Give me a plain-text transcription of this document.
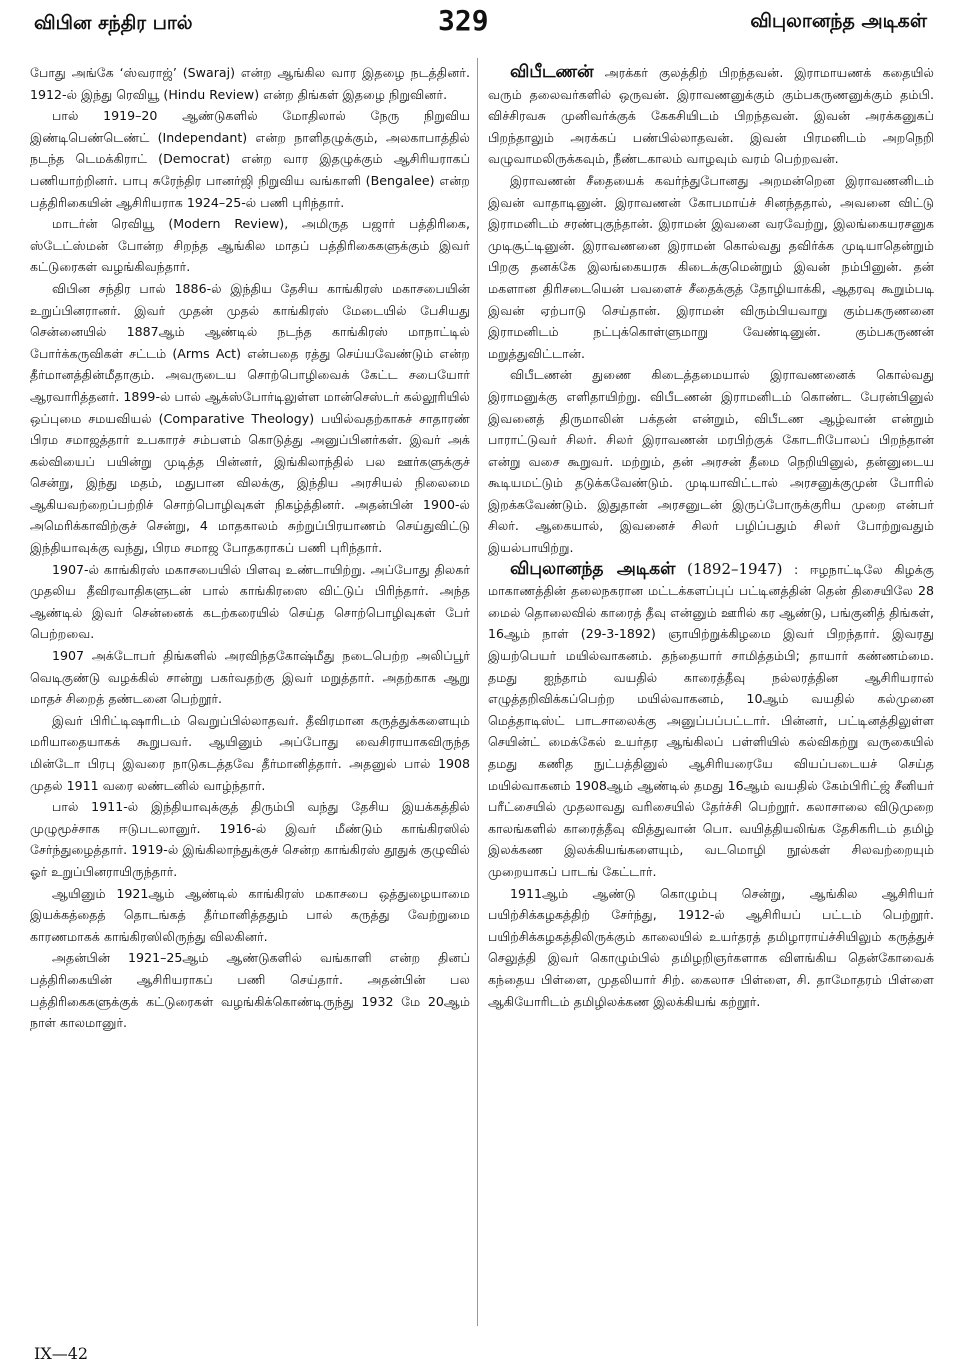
விபின சந்திர பால்	329	விபுலானந்த அடிகள்

போது அங்கே ‘ஸ்வராஜ்’ (Swaraj) என்ற ஆங்கில வார இதழை நடத்தினர். 1912-ல் இந்து ரெவியூ (Hindu Review) என்ற திங்கள் இதழை நிறுவினர்.

பால் 1919–20 ஆண்டுகளில் மோதிலால் நேரு நிறுவிய இண்டிபெண்டெண்ட் (Independant) என்ற நாளிதழுக்கும், அலகாபாத்தில் நடந்த டெமக்கிராட் (Democrat) என்ற வார இதழுக்கும் ஆசிரியராகப் பணியாற்றினர். பாபு சுரேந்திர பானர்ஜி நிறுவிய வங்காளி (Bengalee) என்ற பத்திரிகையின் ஆசிரியராக 1924–25-ல் பணி புரிந்தார்.

மாடர்ன் ரெவியூ (Modern Review), அமிருத பஜார் பத்திரிகை, ஸ்டேட்ஸ்மன் போன்ற சிறந்த ஆங்கில மாதப் பத்திரிகைகளுக்கும் இவர் கட்டுரைகள் வழங்கிவந்தார்.

விபின சந்திர பால் 1886-ல் இந்திய தேசிய காங்கிரஸ் மகாசபையின் உறுப்பினரானர். இவர் முதன் முதல் காங்கிரஸ் மேடையில் பேசியது சென்னையில் 1887ஆம் ஆண்டில் நடந்த காங்கிரஸ் மாநாட்டில் போர்க்கருவிகள் சட்டம் (Arms Act) என்பதை ரத்து செய்யவேண்டும் என்ற தீர்மானத்தின்மீதாகும். அவருடைய சொற்பொழிவைக் கேட்ட சபையோர் ஆரவாரித்தனர். 1899-ல் பால் ஆக்ஸ்போர்டிலுள்ள மான்செஸ்டர் கல்லூரியில் ஒப்புமை சமயவியல் (Comparative Theology) பயில்வதற்காகச் சாதாரண் பிரம சமாஜத்தார் உபகாரச் சம்பளம் கொடுத்து அனுப்பினர்கள். இவர் அக் கல்வியைப் பயின்று முடித்த பின்னர், இங்கிலாந்தில் பல ஊர்களுக்குச் சென்று, இந்து மதம், மதுபான விலக்கு, இந்திய அரசியல் நிலைமை ஆகியவற்றைப்பற்றிச் சொற்பொழிவுகள் நிகழ்த்தினர். அதன்பின் 1900-ல் அமெரிக்காவிற்குச் சென்று, 4 மாதகாலம் சுற்றுப்பிரயாணம் செய்துவிட்டு இந்தியாவுக்கு வந்து, பிரம சமாஜ போதகராகப் பணி புரிந்தார்.

1907-ல் காங்கிரஸ் மகாசபையில் பிளவு உண்டாயிற்று. அப்போது திலகர் முதலிய தீவிரவாதிகளுடன் பால் காங்கிரஸை விட்டுப் பிரிந்தார். அந்த ஆண்டில் இவர் சென்னைக் கடற்கரையில் செய்த சொற்பொழிவுகள் பேர் பெற்றவை.

1907 அக்டோபர் திங்களில் அரவிந்தகோஷ்மீது நடைபெற்ற அலிப்பூர் வெடிகுண்டு வழக்கில் சான்று பகர்வதற்கு இவர் மறுத்தார். அதற்காக ஆறு மாதச் சிறைத் தண்டனை பெற்றூர்.

இவர் பிரிட்டிஷாரிடம் வெறுப்பில்லாதவர். தீவிரமான கருத்துக்களையும் மரியாதையாகக் கூறுபவர். ஆயினும் அப்போது வைசிராயாகவிருந்த மின்டோ பிரபு இவரை நாடுகடத்தவே தீர்மானித்தார். அதனுல் பால் 1908 முதல் 1911 வரை லண்டனில் வாழ்ந்தார்.

பால் 1911-ல் இந்தியாவுக்குத் திரும்பி வந்து தேசிய இயக்கத்தில் முழுமூச்சாக ஈடுபடலானுர். 1916-ல் இவர் மீண்டும் காங்கிரஸில் சேர்ந்துழைத்தார். 1919-ல் இங்கிலாந்துக்குச் சென்ற காங்கிரஸ் தூதுக் குழுவில் ஓர் உறுப்பினராயிருந்தார்.

ஆயினும் 1921ஆம் ஆண்டில் காங்கிரஸ் மகாசபை ஒத்துழையாமை இயக்கத்தைத் தொடங்கத் தீர்மானித்ததும் பால் கருத்து வேற்றுமை காரணமாகக் காங்கிரஸிலிருந்து விலகினர்.

அதன்பின் 1921–25ஆம் ஆண்டுகளில் வங்காளி என்ற தினப் பத்திரிகையின் ஆசிரியராகப் பணி செய்தார். அதன்பின் பல பத்திரிகைகளுக்குக் கட்டுரைகள் வழங்கிக்கொண்டிருந்து 1932 மே 20ஆம் நாள் காலமானுர்.

விபீடணன் அரக்கர் குலத்திற் பிறந்தவன். இராமாயணக் கதையில் வரும் தலைவர்களில் ஒருவன். இராவணனுக்கும் கும்பகருணனுக்கும் தம்பி. விச்சிரவசு முனிவர்க்குக் கேகசியிடம் பிறந்தவன். இவன் அரக்கனுகப் பிறந்தாலும் அரக்கப் பண்பில்லாதவன். இவன் பிரமனிடம் அறநெறி வழுவாமலிருக்கவும், நீண்டகாலம் வாழவும் வரம் பெற்றவன்.

இராவணன் சீதையைக் கவர்ந்துபோனது அறமன்றென இராவணனிடம் இவன் வாதாடினுன். இராவணன் கோபமாய்ச் சினந்ததால், அவனை விட்டு இராமனிடம் சரண்புகுந்தான். இராமன் இவனை வரவேற்று, இலங்கையரசனுக முடிசூட்டினுன். இராவணனை இராமன் கொல்வது தவிர்க்க முடியாதென்றும் பிறகு தனக்கே இலங்கையரசு கிடைக்குமென்றும் இவன் நம்பினுன். தன் மகளான திரிசடையென் பவளைச் சீதைக்குத் தோழியாக்கி, ஆதரவு கூறும்படி இவன் ஏற்பாடு செய்தான். இராமன் விரும்பியவாறு கும்பகருணனை இராமனிடம் நட்புக்கொள்ளுமாறு வேண்டினுன். கும்பகருணன் மறுத்துவிட்டான்.

விபீடணன் துணை கிடைத்தமையால் இராவணனைக் கொல்வது இராமனுக்கு எளிதாயிற்று. விபீடணன் இராமனிடம் கொண்ட பேரன்பினுல் இவனைத் திருமாலின் பக்தன் என்றும், விபீடண ஆழ்வான் என்றும் பாராட்டுவர் சிலர். சிலர் இராவணன் மரபிற்குக் கோடரிபோலப் பிறந்தான் என்று வசை கூறுவர். மற்றும், தன் அரசன் தீமை நெறியினுல், தன்னுடைய கூடியமட்டும் தடுக்கவேண்டும். முடியாவிட்டால் அரசனுக்குமுன் போரில் இறக்கவேண்டும். இதுதான் அரசனுடன் இருப்போருக்குரிய முறை என்பர் சிலர். ஆகையால், இவனைச் சிலர் பழிப்பதும் சிலர் போற்றுவதும் இயல்பாயிற்று.

விபுலானந்த அடிகள் (1892–1947) : ஈழநாட்டிலே கிழக்கு மாகாணத்தின் தலைநகரான மட்டக்களப்புப் பட்டினத்தின் தென் திசையிலே 28 மைல் தொலைவில் காரைத் தீவு என்னும் ஊரில் கர ஆண்டு, பங்குனித் திங்கள், 16ஆம் நாள் (29-3-1892) ஞாயிற்றுக்கிழமை இவர் பிறந்தார். இவரது இயற்பெயர் மயில்வாகனம். தந்தையார் சாமித்தம்பி; தாயார் கண்ணம்மை. தமது ஐந்தாம் வயதில் காரைத்தீவு நல்லரத்தின ஆசிரியரால் எழுத்தறிவிக்கப்பெற்ற மயில்வாகனம், 10ஆம் வயதில் கல்முனை மெத்தாடிஸ்ட் பாடசாலைக்கு அனுப்பப்பட்டார். பின்னர், பட்டினத்திலுள்ள செயின்ட் மைக்கேல் உயர்தர ஆங்கிலப் பள்ளியில் கல்விகற்று வருகையில் தமது கணித நுட்பத்தினுல் ஆசிரியரையே வியப்படையச் செய்த மயில்வாகனம் 1908ஆம் ஆண்டில் தமது 16ஆம் வயதில் கேம்பிரிட்ஜ் சீனியர் பரீட்சையில் முதலாவது வரிசையில் தேர்ச்சி பெற்றூர். கலாசாலை விடுமுறை காலங்களில் காரைத்தீவு வித்துவான் பொ. வயித்தியலிங்க தேசிகரிடம் தமிழ் இலக்கண இலக்கியங்களையும், வடமொழி நூல்கள் சிலவற்றையும் முறையாகப் பாடங் கேட்டார்.

1911ஆம் ஆண்டு கொழும்பு சென்று, ஆங்கில ஆசிரியர் பயிற்சிக்கழகத்திற் சேர்ந்து, 1912-ல் ஆசிரியப் பட்டம் பெற்றூர். பயிற்சிக்கழகத்திலிருக்கும் காலையில் உயர்தரத் தமிழாராய்ச்சியிலும் கருத்துச் செலுத்தி இவர் கொழும்பில் தமிழறிஞர்களாக விளங்கிய தென்கோவைக் கந்தைய பிள்ளை, முதலியார் சிற். கைலாச பிள்ளை, சி. தாமோதரம் பிள்ளை ஆகியோரிடம் தமிழிலக்கண இலக்கியங் கற்றூர்.

IX—42
